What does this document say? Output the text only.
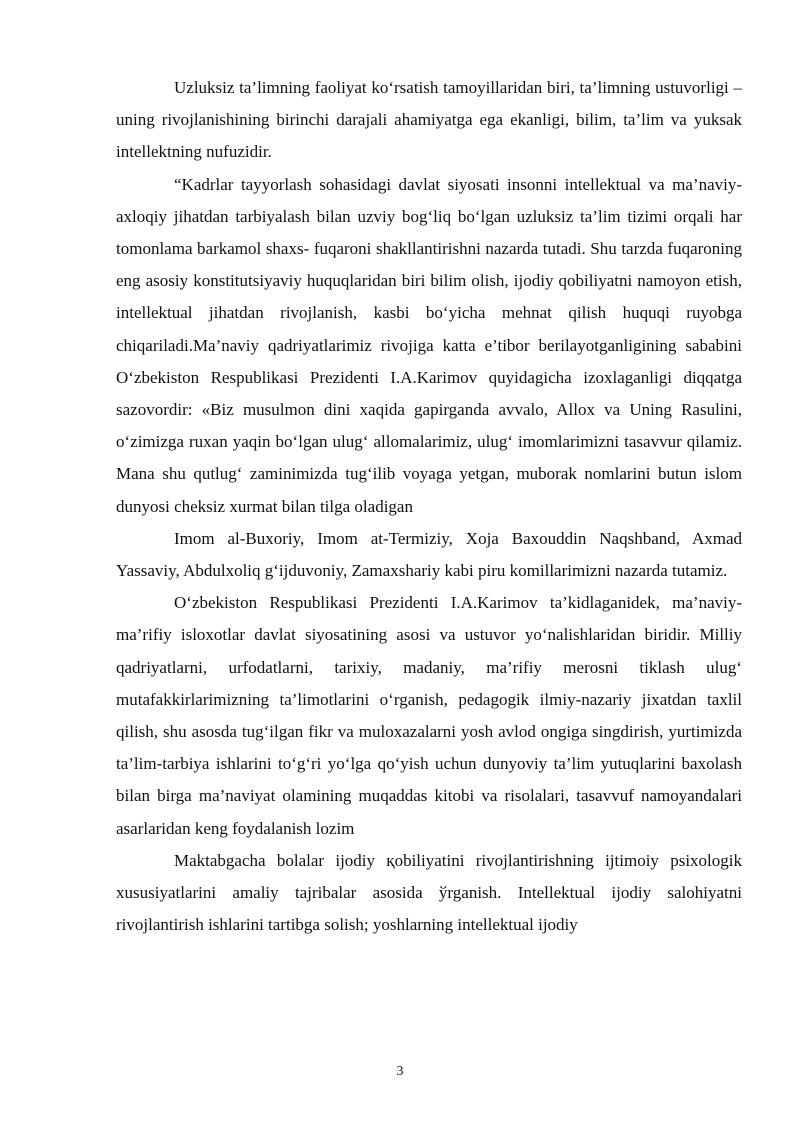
Uzluksiz ta’limning faoliyat ko‘rsatish tamoyillaridan biri, ta’limning ustuvorligi – uning rivojlanishining birinchi darajali ahamiyatga ega ekanligi, bilim, ta’lim va yuksak intellektning nufuzidir.

“Kadrlar tayyorlash sohasidagi davlat siyosati insonni intellektual va ma’naviy-axloqiy jihatdan tarbiyalash bilan uzviy bog‘liq bo‘lgan uzluksiz ta’lim tizimi orqali har tomonlama barkamol shaxs- fuqaroni shakllantirishni nazarda tutadi. Shu tarzda fuqaroning eng asosiy konstitutsiyaviy huquqlaridan biri bilim olish, ijodiy qobiliyatni namoyon etish, intellektual jihatdan rivojlanish, kasbi bo‘yicha mehnat qilish huquqi ruyobga chiqariladi.Ma’naviy qadriyatlarimiz rivojiga katta e’tibor berilayotganligining sababini O‘zbekiston Respublikasi Prezidenti I.A.Karimov quyidagicha izoxlaganligi diqqatga sazovordir: «Biz musulmon dini xaqida gapirganda avvalo, Allox va Uning Rasulini, o‘zimizga ruxan yaqin bo‘lgan ulug‘ allomalarimiz, ulug‘ imomlarimizni tasavvur qilamiz. Mana shu qutlug‘ zaminimizda tug‘ilib voyaga yetgan, muborak nomlarini butun islom dunyosi cheksiz xurmat bilan tilga oladigan

Imom al-Buxoriy, Imom at-Termiziy, Xoja Baxouddin Naqshband, Axmad Yassaviy, Abdulxoliq g‘ijduvoniy, Zamaxshariy kabi piru komillarimizni nazarda tutamiz.

O‘zbekiston Respublikasi Prezidenti I.A.Karimov ta’kidlaganidek, ma’naviy-ma’rifiy isloxotlar davlat siyosatining asosi va ustuvor yo‘nalishlaridan biridir. Milliy qadriyatlarni, urfodatlarni, tarixiy, madaniy, ma’rifiy merosni tiklash ulug‘ mutafakkirlarimizning ta’limotlarini o‘rganish, pedagogik ilmiy-nazariy jixatdan taxlil qilish, shu asosda tug‘ilgan fikr va muloxazalarni yosh avlod ongiga singdirish, yurtimizda ta’lim-tarbiya ishlarini to‘g‘ri yo‘lga qo‘yish uchun dunyoviy ta’lim yutuqlarini baxolash bilan birga ma’naviyat olamining muqaddas kitobi va risolalari, tasavvuf namoyandalari asarlaridan keng foydalanish lozim

Maktabgacha bolalar ijodiy қobiliyatini rivojlantirishning ijtimoiy psixologik xususiyatlarini amaliy tajribalar asosida ўrganish. Intellektual ijodiy salohiyatni rivojlantirish ishlarini tartibga solish; yoshlarning intellektual ijodiy

3
